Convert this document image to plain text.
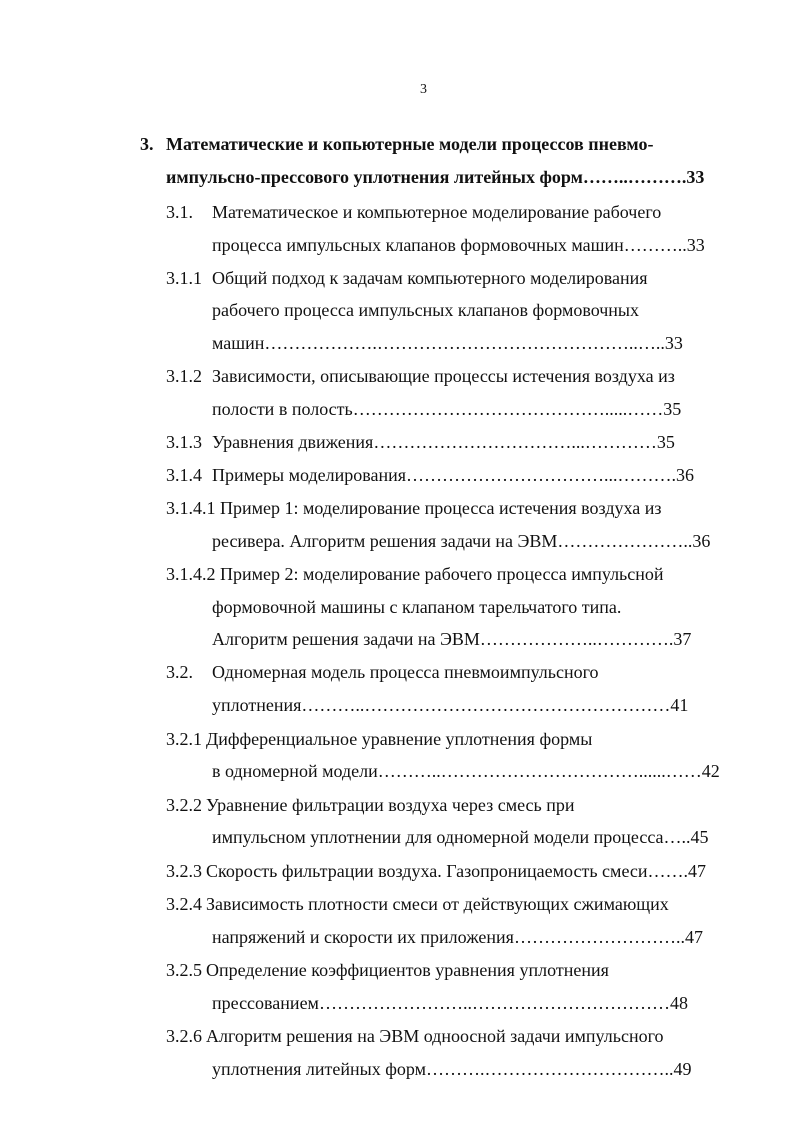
3
3. Математические и копьютерные модели процессов пневмо-
импульсно-прессового уплотнения литейных форм……..……….33
3.1. Математическое и компьютерное моделирование рабочего
процесса импульсных клапанов формовочных машин………..33
3.1.1 Общий подход к задачам компьютерного моделирования
рабочего процесса импульсных клапанов формовочных
машин……………….……………………………………..…..33
3.1.2 Зависимости, описывающие процессы истечения воздуха из
полости в полость…………………………………….....……35
3.1.3 Уравнения движения……………………………...…………35
3.1.4 Примеры моделирования……………………………...……….36
3.1.4.1 Пример 1: моделирование процесса истечения воздуха из
ресивера. Алгоритм решения задачи на ЭВМ…………………..36
3.1.4.2 Пример 2: моделирование рабочего процесса импульсной
формовочной машины с клапаном тарельчатого типа.
Алгоритм решения задачи на ЭВМ………………..………….37
3.2. Одномерная модель процесса пневмоимпульсного
уплотнения………..……………………………………………41
3.2.1 Дифференциальное уравнение уплотнения формы
в одномерной модели………..……………………………......……42
3.2.2 Уравнение фильтрации воздуха через смесь при
импульсном уплотнении для одномерной модели процесса…..45
3.2.3 Скорость фильтрации воздуха. Газопроницаемость смеси…….47
3.2.4 Зависимость плотности смеси от действующих сжимающих
напряжений и скорости их приложения………………………..47
3.2.5 Определение коэффициентов уравнения уплотнения
прессованием……………………..……………………………48
3.2.6 Алгоритм решения на ЭВМ одноосной задачи импульсного
уплотнения литейных форм……….…………………………..49
